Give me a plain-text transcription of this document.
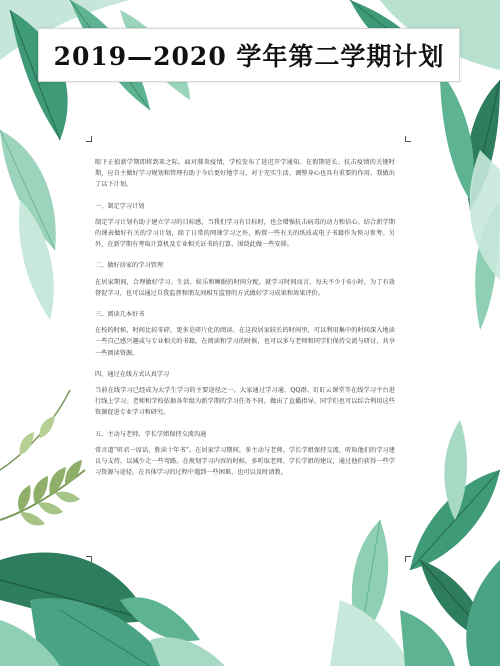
2019—2020 学年第二学期计划

眼下正值新学期即将到来之际，面对肺炎疫情，学校发布了延迟开学通知。在假期延长、抗击疫情的关键时期，应自主做好学习规划和管理有助于今后更好地学习，对于充实生活、调整身心也具有重要的作用。我做出了以下计划。

一、制定学习计划

制定学习计划有助于建立学习的目标感，当我们学习有目标时，也会增强抗击病毒的动力和信心。结合新学期的课表做好有关的学习计划，除了日常的网课学习之外，购置一些有关的纸质或电子书籍作为预习参考。另外，在新学期有考取计算机及专业相关证书的打算，围绕此做一些安排。

二、做好居家的学习管理

在居家期间，合理做好学习、生活、娱乐和睡眠的时间分配。就学习时间而言，每天不少于6小时。为了有效督促学习，也可以通过自我监督和朋友间相互监督的方式做好学习成果和效果评价。

三、阅读几本好书

在校的时候，时间比较零碎，更多是碎片化的阅读。在这段居家较长的时间里，可以利用集中的时间深入地读一些自己感兴趣或与专业相关的书籍。在阅读和学习的时候，也可以多与老师和同学们保持交流与研讨，共享一些阅读资源。

四、通过在线方式认真学习

当前在线学习已经成为大学生学习的主要途径之一。大家通过学习通、QQ群、盯盯云课堂等在线学习平台进行线上学习。老师和学校依据各年级为新学期的学习任务不同，做出了直播指导。同学们也可以综合利用这些资源促进专业学习和研究。

五、主动与老师、学长学姐保持交流沟通

常言道“听君一席话，胜读十年书”。在居家学习期间，多主动与老师、学长学姐保持交流，听取他们的学习建议与支持，以减少走一些弯路。在规划学习内容的时候，多听取老师、学长学姐的建议，通过他们获得一些学习资源与途径。在具体学习的过程中遇到一些困难，也可以及时请教。
